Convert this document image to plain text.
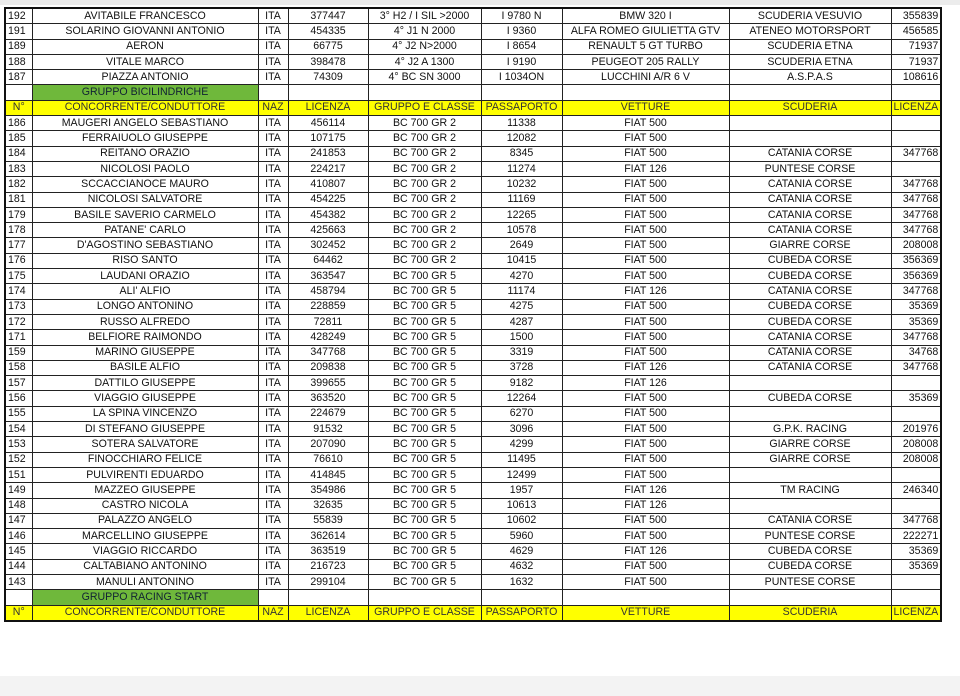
192	AVITABILE FRANCESCO	ITA	377447	3° H2 / I SIL >2000	I 9780 N	BMW 320 I	SCUDERIA VESUVIO	355839
191	SOLARINO GIOVANNI ANTONIO	ITA	454335	4° J1 N 2000	I 9360	ALFA ROMEO GIULIETTA GTV	ATENEO MOTORSPORT	456585
189	AERON	ITA	66775	4° J2 N>2000	I 8654	RENAULT 5 GT TURBO	SCUDERIA ETNA	71937
188	VITALE MARCO	ITA	398478	4° J2 A 1300	I 9190	PEUGEOT 205 RALLY	SCUDERIA ETNA	71937
187	PIAZZA ANTONIO	ITA	74309	4° BC SN 3000	I 1034ON	LUCCHINI A/R 6 V	A.S.P.A.S	108616
	GRUPPO BICILINDRICHE							
N°	CONCORRENTE/CONDUTTORE	NAZ	LICENZA	GRUPPO E CLASSE	PASSAPORTO	VETTURE	SCUDERIA	LICENZA
186	MAUGERI ANGELO SEBASTIANO	ITA	456114	BC 700 GR 2	11338	FIAT 500		
185	FERRAIUOLO GIUSEPPE	ITA	107175	BC 700 GR 2	12082	FIAT 500		
184	REITANO ORAZIO	ITA	241853	BC 700 GR 2	8345	FIAT 500	CATANIA CORSE	347768
183	NICOLOSI PAOLO	ITA	224217	BC 700 GR 2	11274	FIAT 126	PUNTESE CORSE	
182	SCCACCIANOCE MAURO	ITA	410807	BC 700 GR 2	10232	FIAT 500	CATANIA CORSE	347768
181	NICOLOSI SALVATORE	ITA	454225	BC 700 GR 2	11169	FIAT 500	CATANIA CORSE	347768
179	BASILE SAVERIO CARMELO	ITA	454382	BC 700 GR 2	12265	FIAT 500	CATANIA CORSE	347768
178	PATANE' CARLO	ITA	425663	BC 700 GR 2	10578	FIAT 500	CATANIA CORSE	347768
177	D'AGOSTINO SEBASTIANO	ITA	302452	BC 700 GR 2	2649	FIAT 500	GIARRE CORSE	208008
176	RISO SANTO	ITA	64462	BC 700 GR 2	10415	FIAT 500	CUBEDA CORSE	356369
175	LAUDANI ORAZIO	ITA	363547	BC 700 GR 5	4270	FIAT 500	CUBEDA CORSE	356369
174	ALI' ALFIO	ITA	458794	BC 700 GR 5	11174	FIAT 126	CATANIA CORSE	347768
173	LONGO ANTONINO	ITA	228859	BC 700 GR 5	4275	FIAT 500	CUBEDA CORSE	35369
172	RUSSO ALFREDO	ITA	72811	BC 700 GR 5	4287	FIAT 500	CUBEDA CORSE	35369
171	BELFIORE RAIMONDO	ITA	428249	BC 700 GR 5	1500	FIAT 500	CATANIA CORSE	347768
159	MARINO GIUSEPPE	ITA	347768	BC 700 GR 5	3319	FIAT 500	CATANIA CORSE	34768
158	BASILE ALFIO	ITA	209838	BC 700 GR 5	3728	FIAT 126	CATANIA CORSE	347768
157	DATTILO GIUSEPPE	ITA	399655	BC 700 GR 5	9182	FIAT 126		
156	VIAGGIO GIUSEPPE	ITA	363520	BC 700 GR 5	12264	FIAT 500	CUBEDA CORSE	35369
155	LA SPINA VINCENZO	ITA	224679	BC 700 GR 5	6270	FIAT 500		
154	DI STEFANO GIUSEPPE	ITA	91532	BC 700 GR 5	3096	FIAT 500	G.P.K. RACING	201976
153	SOTERA SALVATORE	ITA	207090	BC 700 GR 5	4299	FIAT 500	GIARRE CORSE	208008
152	FINOCCHIARO FELICE	ITA	76610	BC 700 GR 5	11495	FIAT 500	GIARRE CORSE	208008
151	PULVIRENTI EDUARDO	ITA	414845	BC 700 GR 5	12499	FIAT 500		
149	MAZZEO GIUSEPPE	ITA	354986	BC 700 GR 5	1957	FIAT 126	TM RACING	246340
148	CASTRO NICOLA	ITA	32635	BC 700 GR 5	10613	FIAT 126		
147	PALAZZO ANGELO	ITA	55839	BC 700 GR 5	10602	FIAT 500	CATANIA CORSE	347768
146	MARCELLINO GIUSEPPE	ITA	362614	BC 700 GR 5	5960	FIAT 500	PUNTESE CORSE	222271
145	VIAGGIO RICCARDO	ITA	363519	BC 700 GR 5	4629	FIAT 126	CUBEDA CORSE	35369
144	CALTABIANO ANTONINO	ITA	216723	BC 700 GR 5	4632	FIAT 500	CUBEDA CORSE	35369
143	MANULI ANTONINO	ITA	299104	BC 700 GR 5	1632	FIAT 500	PUNTESE CORSE	
	GRUPPO RACING START							
N°	CONCORRENTE/CONDUTTORE	NAZ	LICENZA	GRUPPO E CLASSE	PASSAPORTO	VETTURE	SCUDERIA	LICENZA
